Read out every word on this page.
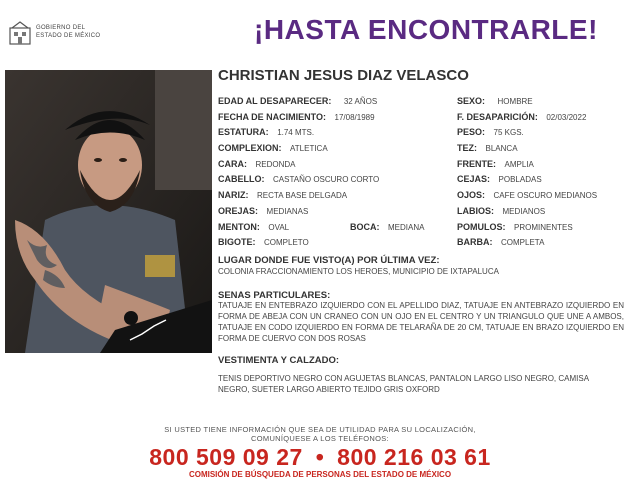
GOBIERNO DEL
ESTADO DE MÉXICO	¡HASTA ENCONTRARLE!
CHRISTIAN JESUS DIAZ VELASCO
EDAD AL DESAPARECER: 32 AÑOS
FECHA DE NACIMIENTO: 17/08/1989
ESTATURA: 1.74 MTS.
COMPLEXION: ATLETICA
CARA: REDONDA
CABELLO: CASTAÑO OSCURO CORTO
NARIZ: RECTA BASE DELGADA
OREJAS: MEDIANAS
MENTON: OVAL	BOCA: MEDIANA
BIGOTE: COMPLETO
SEXO: HOMBRE
F. DESAPARICIÓN: 02/03/2022
PESO: 75 KGS.
TEZ: BLANCA
FRENTE: AMPLIA
CEJAS: POBLADAS
OJOS: CAFE OSCURO MEDIANOS
LABIOS: MEDIANOS
POMULOS: PROMINENTES
BARBA: COMPLETA
LUGAR DONDE FUE VISTO(A) POR ÚLTIMA VEZ:
COLONIA FRACCIONAMIENTO LOS HEROES, MUNICIPIO DE IXTAPALUCA
SENAS PARTICULARES:
TATUAJE EN ENTEBRAZO IZQUIERDO CON EL APELLIDO DIAZ, TATUAJE EN ANTEBRAZO IZQUIERDO EN FORMA DE ABEJA CON UN CRANEO CON UN OJO EN EL CENTRO Y UN TRIANGULO QUE UNE A AMBOS, TATUAJE EN CODO IZQUIERDO EN FORMA DE TELARAÑA DE 20 CM, TATUAJE EN BRAZO IZQUIERDO EN FORMA DE CUERVO CON DOS ROSAS
VESTIMENTA Y CALZADO:
TENIS DEPORTIVO NEGRO CON AGUJETAS BLANCAS, PANTALON LARGO LISO NEGRO, CAMISA NEGRO, SUETER LARGO ABIERTO TEJIDO GRIS OXFORD
SI USTED TIENE INFORMACIÓN QUE SEA DE UTILIDAD PARA SU LOCALIZACIÓN,
COMUNÍQUESE A LOS TELÉFONOS:
800 509 09 27 • 800 216 03 61
COMISIÓN DE BÚSQUEDA DE PERSONAS DEL ESTADO DE MÉXICO
